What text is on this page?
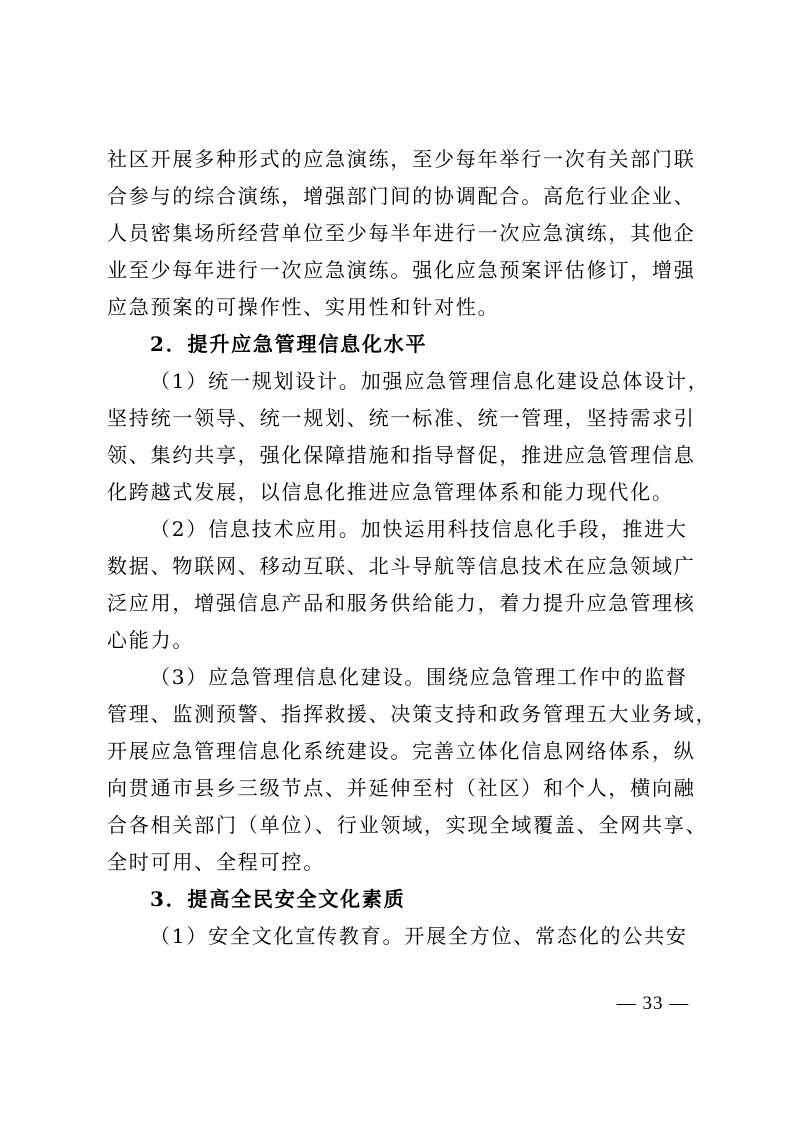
社区开展多种形式的应急演练，至少每年举行一次有关部门联
合参与的综合演练，增强部门间的协调配合。高危行业企业、
人员密集场所经营单位至少每半年进行一次应急演练，其他企
业至少每年进行一次应急演练。强化应急预案评估修订，增强
应急预案的可操作性、实用性和针对性。
2．提升应急管理信息化水平
（1）统一规划设计。加强应急管理信息化建设总体设计，
坚持统一领导、统一规划、统一标准、统一管理，坚持需求引
领、集约共享，强化保障措施和指导督促，推进应急管理信息
化跨越式发展，以信息化推进应急管理体系和能力现代化。
（2）信息技术应用。加快运用科技信息化手段，推进大
数据、物联网、移动互联、北斗导航等信息技术在应急领域广
泛应用，增强信息产品和服务供给能力，着力提升应急管理核
心能力。
（3）应急管理信息化建设。围绕应急管理工作中的监督
管理、监测预警、指挥救援、决策支持和政务管理五大业务域，
开展应急管理信息化系统建设。完善立体化信息网络体系，纵
向贯通市县乡三级节点、并延伸至村（社区）和个人，横向融
合各相关部门（单位）、行业领域，实现全域覆盖、全网共享、
全时可用、全程可控。
3．提高全民安全文化素质
（1）安全文化宣传教育。开展全方位、常态化的公共安
— 33 —
